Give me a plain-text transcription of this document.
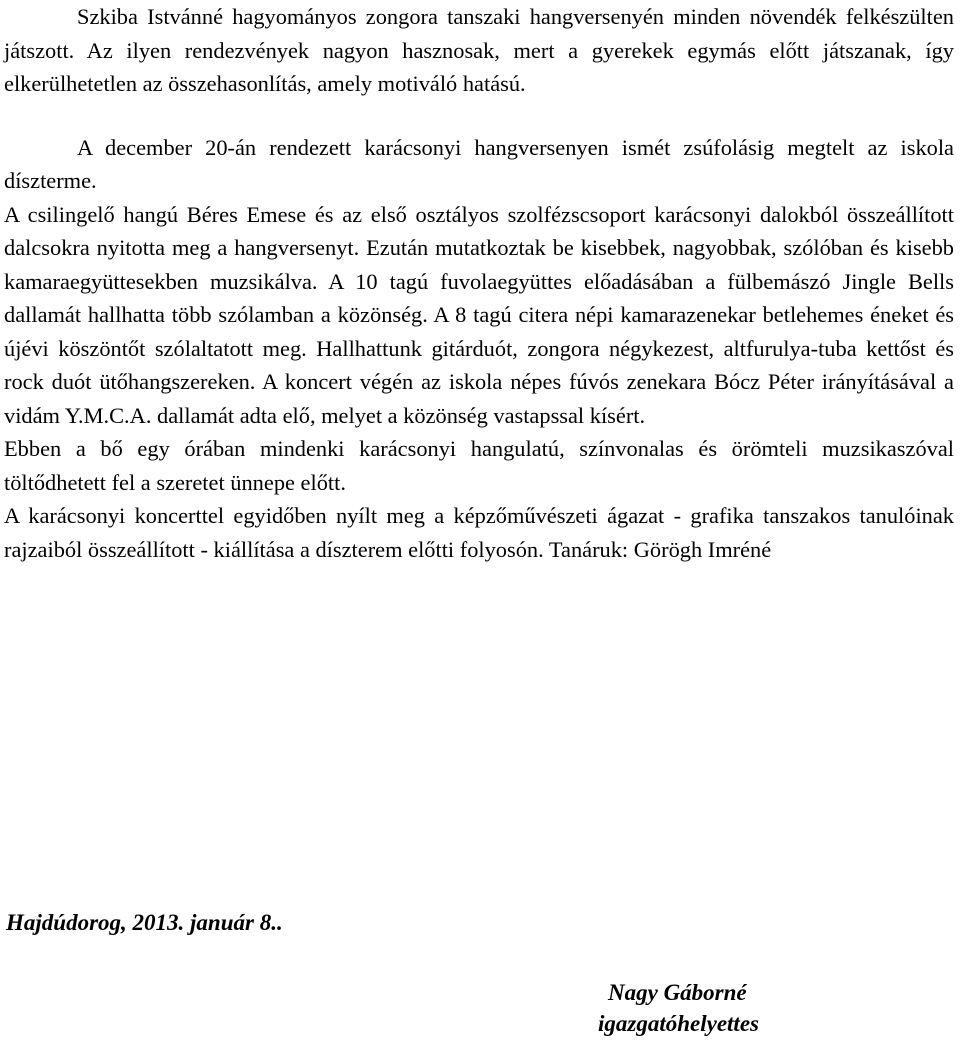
Szkiba Istvánné hagyományos zongora tanszaki hangversenyén minden növendék felkészülten játszott. Az ilyen rendezvények nagyon hasznosak, mert a gyerekek egymás előtt játszanak, így elkerülhetetlen az összehasonlítás, amely motiváló hatású.

A december 20-án rendezett karácsonyi hangversenyen ismét zsúfolásig megtelt az iskola díszterme.

A csilingelő hangú Béres Emese és az első osztályos szolfézscsoport karácsonyi dalokból összeállított dalcsokra nyitotta meg a hangversenyt. Ezután mutatkoztak be kisebbek, nagyobbak, szólóban és kisebb kamaraegyüttesekben muzsikálva. A 10 tagú fuvolaegyüttes előadásában a fülbemászó Jingle Bells dallamát hallhatta több szólamban a közönség. A 8 tagú citera népi kamarazenekar betlehemes éneket és újévi köszöntőt szólaltatott meg. Hallhattunk gitárduót, zongora négykezest, altfurulya-tuba kettőst és rock duót ütőhangszereken. A koncert végén az iskola népes fúvós zenekara Bócz Péter irányításával a vidám Y.M.C.A. dallamát adta elő, melyet a közönség vastapssal kísért.

Ebben a bő egy órában mindenki karácsonyi hangulatú, színvonalas és örömteli muzsikaszóval töltődhetett fel a szeretet ünnepe előtt.

A karácsonyi koncerttel egyidőben nyílt meg a képzőművészeti ágazat - grafika tanszakos tanulóinak rajzaiból összeállított - kiállítása a díszterem előtti folyosón. Tanáruk: Görögh Imréné

Hajdúdorog, 2013. január 8..
Nagy Gáborné
igazgatóhelyettes
